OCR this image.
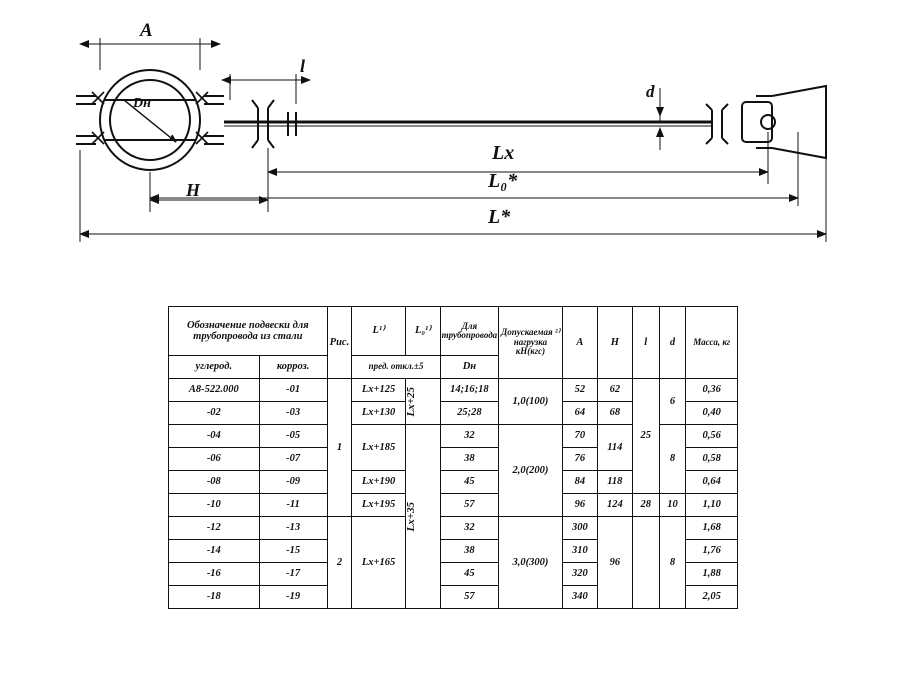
A
Dн
l
d
H
Lx
L₀*
L*
Обозначение подвески для трубопровода из стали		Рис.	L¹⁾	L₀¹⁾	Для трубопровода	Допускаемая ²⁾ нагрузка кН(кгс)	A	H	l	d	Масса, кг

углерод.	корроз.		пред. откл.±5		Dн						
А8-522.000	-01	1	Lx+125	Lx+25	14;16;18	1,0(100)	52	62	25	6	0,36
-02	-03		Lx+130		25;28		64	68			0,40
-04	-05		Lx+185	Lx+35	32	2,0(200)	70	114		8	0,56
-06	-07				38		76				0,58
-08	-09		Lx+190		45		84	118			0,64
-10	-11		Lx+195		57		96	124	28	10	1,10
-12	-13	2	Lx+165		32	3,0(300)	300	96		8	1,68
-14	-15				38		310				1,76
-16	-17				45		320				1,88
-18	-19				57		340				2,05
